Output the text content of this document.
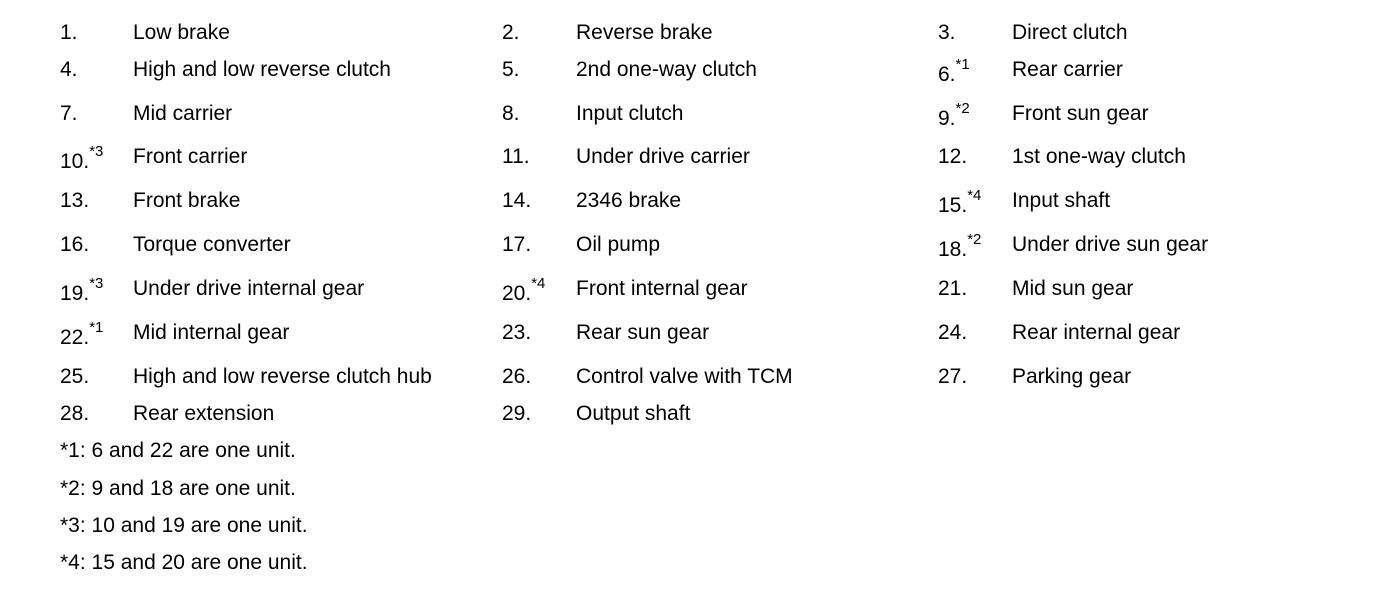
1.	Low brake	2.	Reverse brake	3.	Direct clutch
4.	High and low reverse clutch	5.	2nd one-way clutch	6.$^{*1}$ Rear carrier
7.	Mid carrier	8.	Input clutch	9.$^{*2}$ Front sun gear
10.$^{*3}$ Front carrier	11. Under drive carrier	12. 1st one-way clutch
13. Front brake	14. 2346 brake	15.$^{*4}$ Input shaft
16. Torque converter	17. Oil pump	18.$^{*2}$ Under drive sun gear
19.$^{*3}$ Under drive internal gear	20.$^{*4}$ Front internal gear	21. Mid sun gear
22.$^{*1}$ Mid internal gear	23. Rear sun gear	24. Rear internal gear
25. High and low reverse clutch hub	26. Control valve with TCM	27. Parking gear
28. Rear extension	29. Output shaft
*1: 6 and 22 are one unit.
*2: 9 and 18 are one unit.
*3: 10 and 19 are one unit.
*4: 15 and 20 are one unit.
